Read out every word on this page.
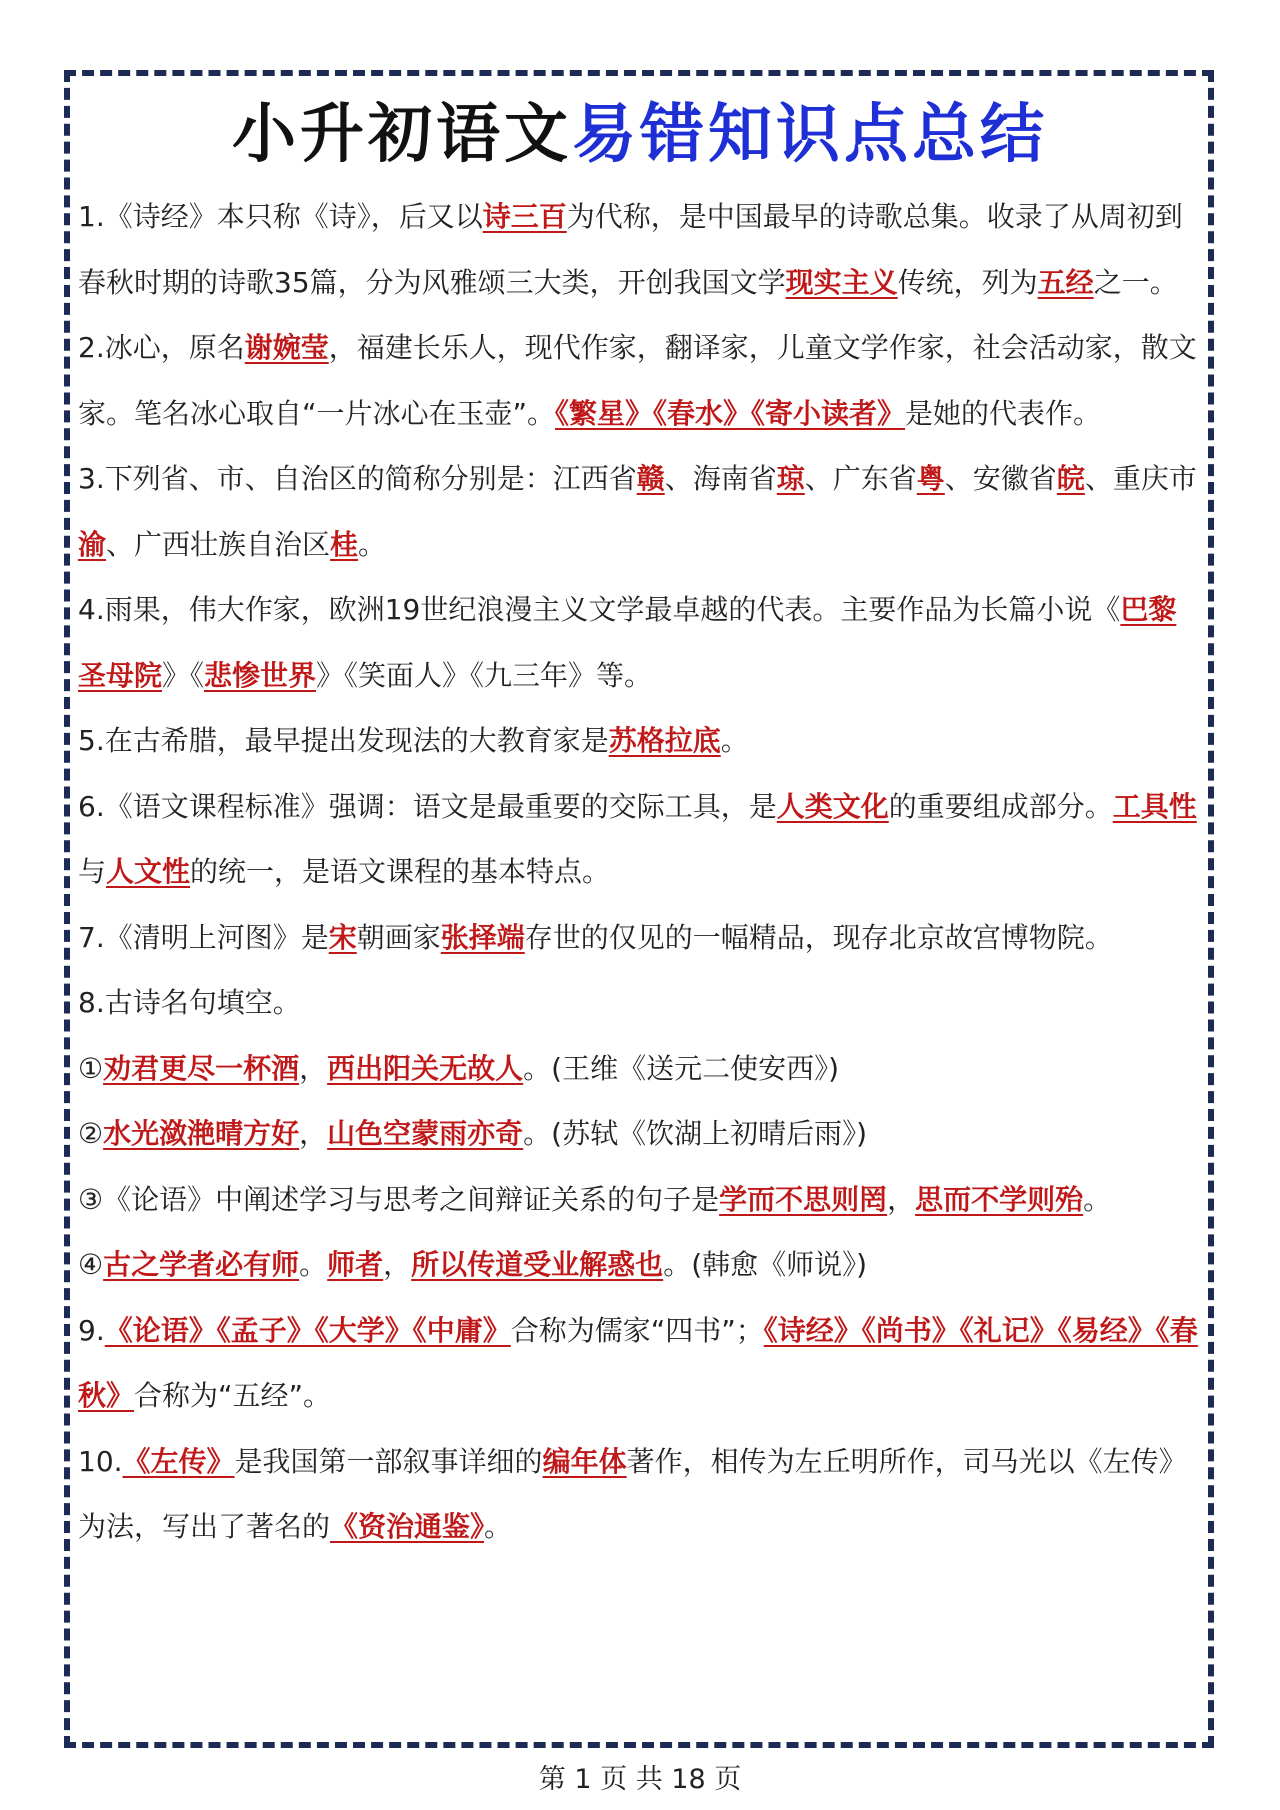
小升初语文易错知识点总结

1.《诗经》本只称《诗》，后又以诗三百为代称，是中国最早的诗歌总集。收录了从周初到春秋时期的诗歌35篇，分为风雅颂三大类，开创我国文学现实主义传统，列为五经之一。

2.冰心，原名谢婉莹，福建长乐人，现代作家，翻译家，儿童文学作家，社会活动家，散文家。笔名冰心取自“一片冰心在玉壶”。《繁星》《春水》《寄小读者》是她的代表作。

3.下列省、市、自治区的简称分别是：江西省赣、海南省琼、广东省粤、安徽省皖、重庆市渝、广西壮族自治区桂。

4.雨果，伟大作家，欧洲19世纪浪漫主义文学最卓越的代表。主要作品为长篇小说《巴黎圣母院》《悲惨世界》《笑面人》《九三年》等。

5.在古希腊，最早提出发现法的大教育家是苏格拉底。

6.《语文课程标准》强调：语文是最重要的交际工具，是人类文化的重要组成部分。工具性与人文性的统一，是语文课程的基本特点。

7.《清明上河图》是宋朝画家张择端存世的仅见的一幅精品，现存北京故宫博物院。

8.古诗名句填空。

①劝君更尽一杯酒，西出阳关无故人。(王维《送元二使安西》)

②水光潋滟晴方好，山色空蒙雨亦奇。(苏轼《饮湖上初晴后雨》)

③《论语》中阐述学习与思考之间辩证关系的句子是学而不思则罔，思而不学则殆。

④古之学者必有师。师者，所以传道受业解惑也。(韩愈《师说》)

9.《论语》《孟子》《大学》《中庸》合称为儒家“四书”；《诗经》《尚书》《礼记》《易经》《春秋》合称为“五经”。

10.《左传》是我国第一部叙事详细的编年体著作，相传为左丘明所作，司马光以《左传》为法，写出了著名的《资治通鉴》。

第 1 页 共 18 页
